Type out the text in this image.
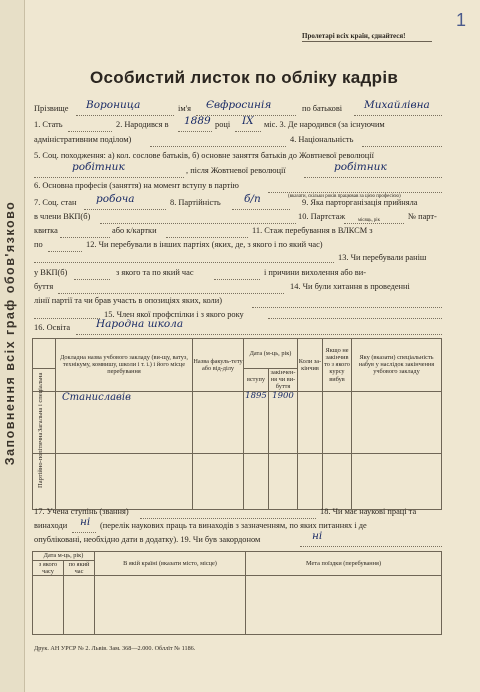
Заповнення всіх граф обов'язково
1
Пролетарі всіх країн, єднайтеся!
Особистий листок по обліку кадрів
Прізвище Вороница	ім'я Євфросинія	по батькові Михайлівна
1. Стать	2. Народився в 1889 році IX міс. 3. Де народився (за існуючим
адміністративним поділом)	4. Національність
5. Соц. походження: а) кол. соcлове батьків, б) основне заняття батьків до Жовтневої революції
робітник	, після Жовтневої революції	робітник
6. Основна професія (заняття) на момент вступу в партію
(вказати, скільки років працював за цією професією)
7. Соц. стан робоча	8. Партійність б/п	9. Яка парторганізація прийняла
в члени ВКП(б)	10. Партстаж	місяць, рік	№ парт-
квитка	або к/картки	11. Стаж перебування в ВЛКСМ з
по	12. Чи перебували в інших партіях (яких, де, з якого і по який час)
13. Чи перебували раніш
у ВКП(б)	з якого та по який час	і причини вихолення або ви-
буття	14. Чи були хитання в проведенні
лінії партії та чи брав участь в опозиціях яких, коли)
15. Член якої профспілки і з якого року
16. Освіта Народна школа
	Докладна назва учбового закладу (ви-щу, ватуз, технікуму, комвишу, школи і т. і.) і його місце перебування	Назва факуль-тету або від-ділу	Дата (м-ць, рік)		Коли за-кінчив	Якщо не закінчив то з якого курсу вибув	Яку (вказати) спеціальність набув у наслідок закінчення учбового закладу
			вступу	закінчен-ня чи ви-буття			
	Станиславів		1895	1900			

Загальна і спеціальна
Партійно-політична
17. Учена ступінь (звання)	18. Чи має наукові праці та
винаходи ні (перелік наукових праць та винаходів з зазначенням, по яких питаннях і де
опубліковані, необхідно дати в додатку). 19. Чи був закордоном	ні
Дата м-ць, рік)		В якій країні (вказати місто, місце)	Мета поїздки (перебування)
з якого часу	по який час		

Друк. АН УРСР № 2. Львів. Зам. 368—2.000. Обллїт № 1186.
